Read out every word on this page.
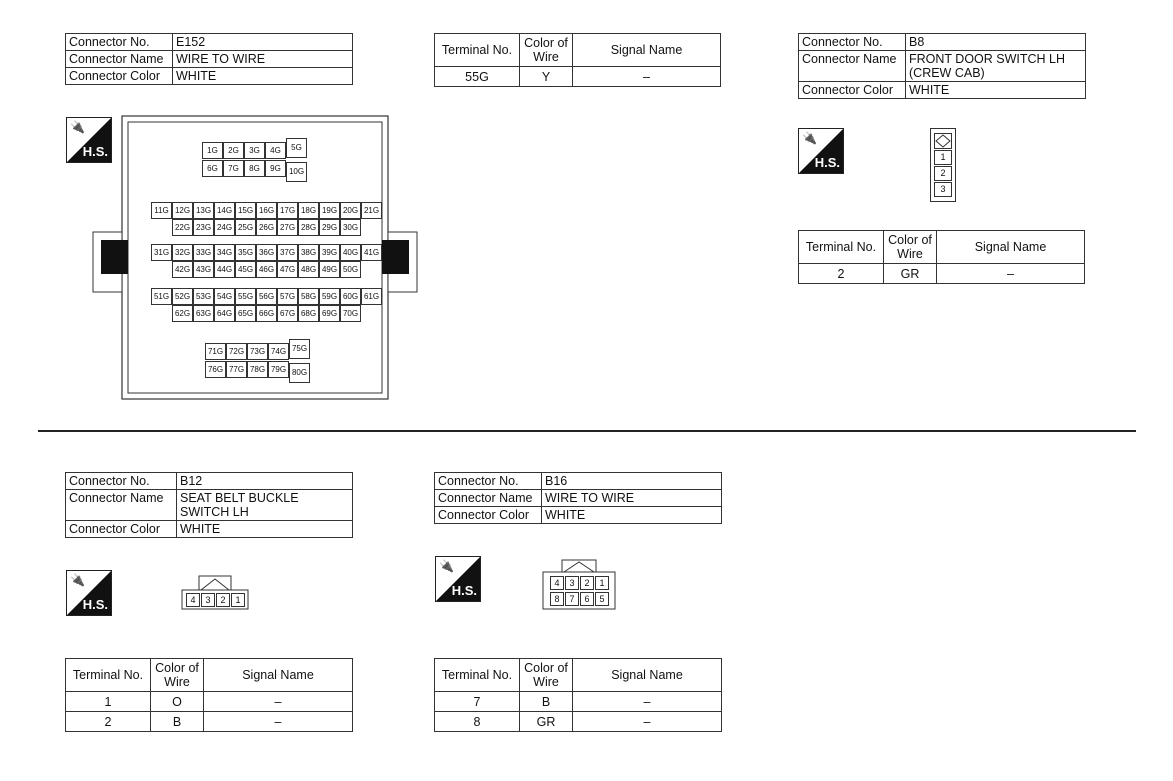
Connector No.	E152
Connector Name	WIRE TO WIRE
Connector Color	WHITE
🔌
H.S.	1G	2G	3G	4G	5G
6G	7G	8G	9G	10G
11G 12G 13G 14G 15G 16G 17G 18G 19G 20G 21G
22G 23G 24G 25G 26G 27G 28G 29G 30G
31G 32G 33G 34G 35G 36G 37G 38G 39G 40G 41G
42G 43G 44G 45G 46G 47G 48G 49G 50G
51G 52G 53G 54G 55G 56G 57G 58G 59G 60G 61G
62G 63G 64G 65G 66G 67G 68G 69G 70G
71G 72G 73G 74G 75G
76G 77G 78G 79G 80G
Terminal No.	Color of Wire	Signal Name
55G	Y	–
Connector No.	B8
Connector Name	FRONT DOOR SWITCH LH
(CREW CAB)

Connector Color	WHITE
🔌
H.S.	1
2
3
Terminal No.	Color of Wire	Signal Name
2	GR	–
Connector No.	B12
Connector Name	SEAT BELT BUCKLE
SWITCH LH

Connector Color	WHITE
🔌
H.S.	4	3	2	1
Terminal No.	Color of Wire	Signal Name
1	O	–
2	B	–
Connector No.	B16
Connector Name	WIRE TO WIRE
Connector Color	WHITE
🔌
H.S.	4	3	2	1
8	7	6	5
Terminal No.	Color of Wire	Signal Name
7	B	–
8	GR	–
